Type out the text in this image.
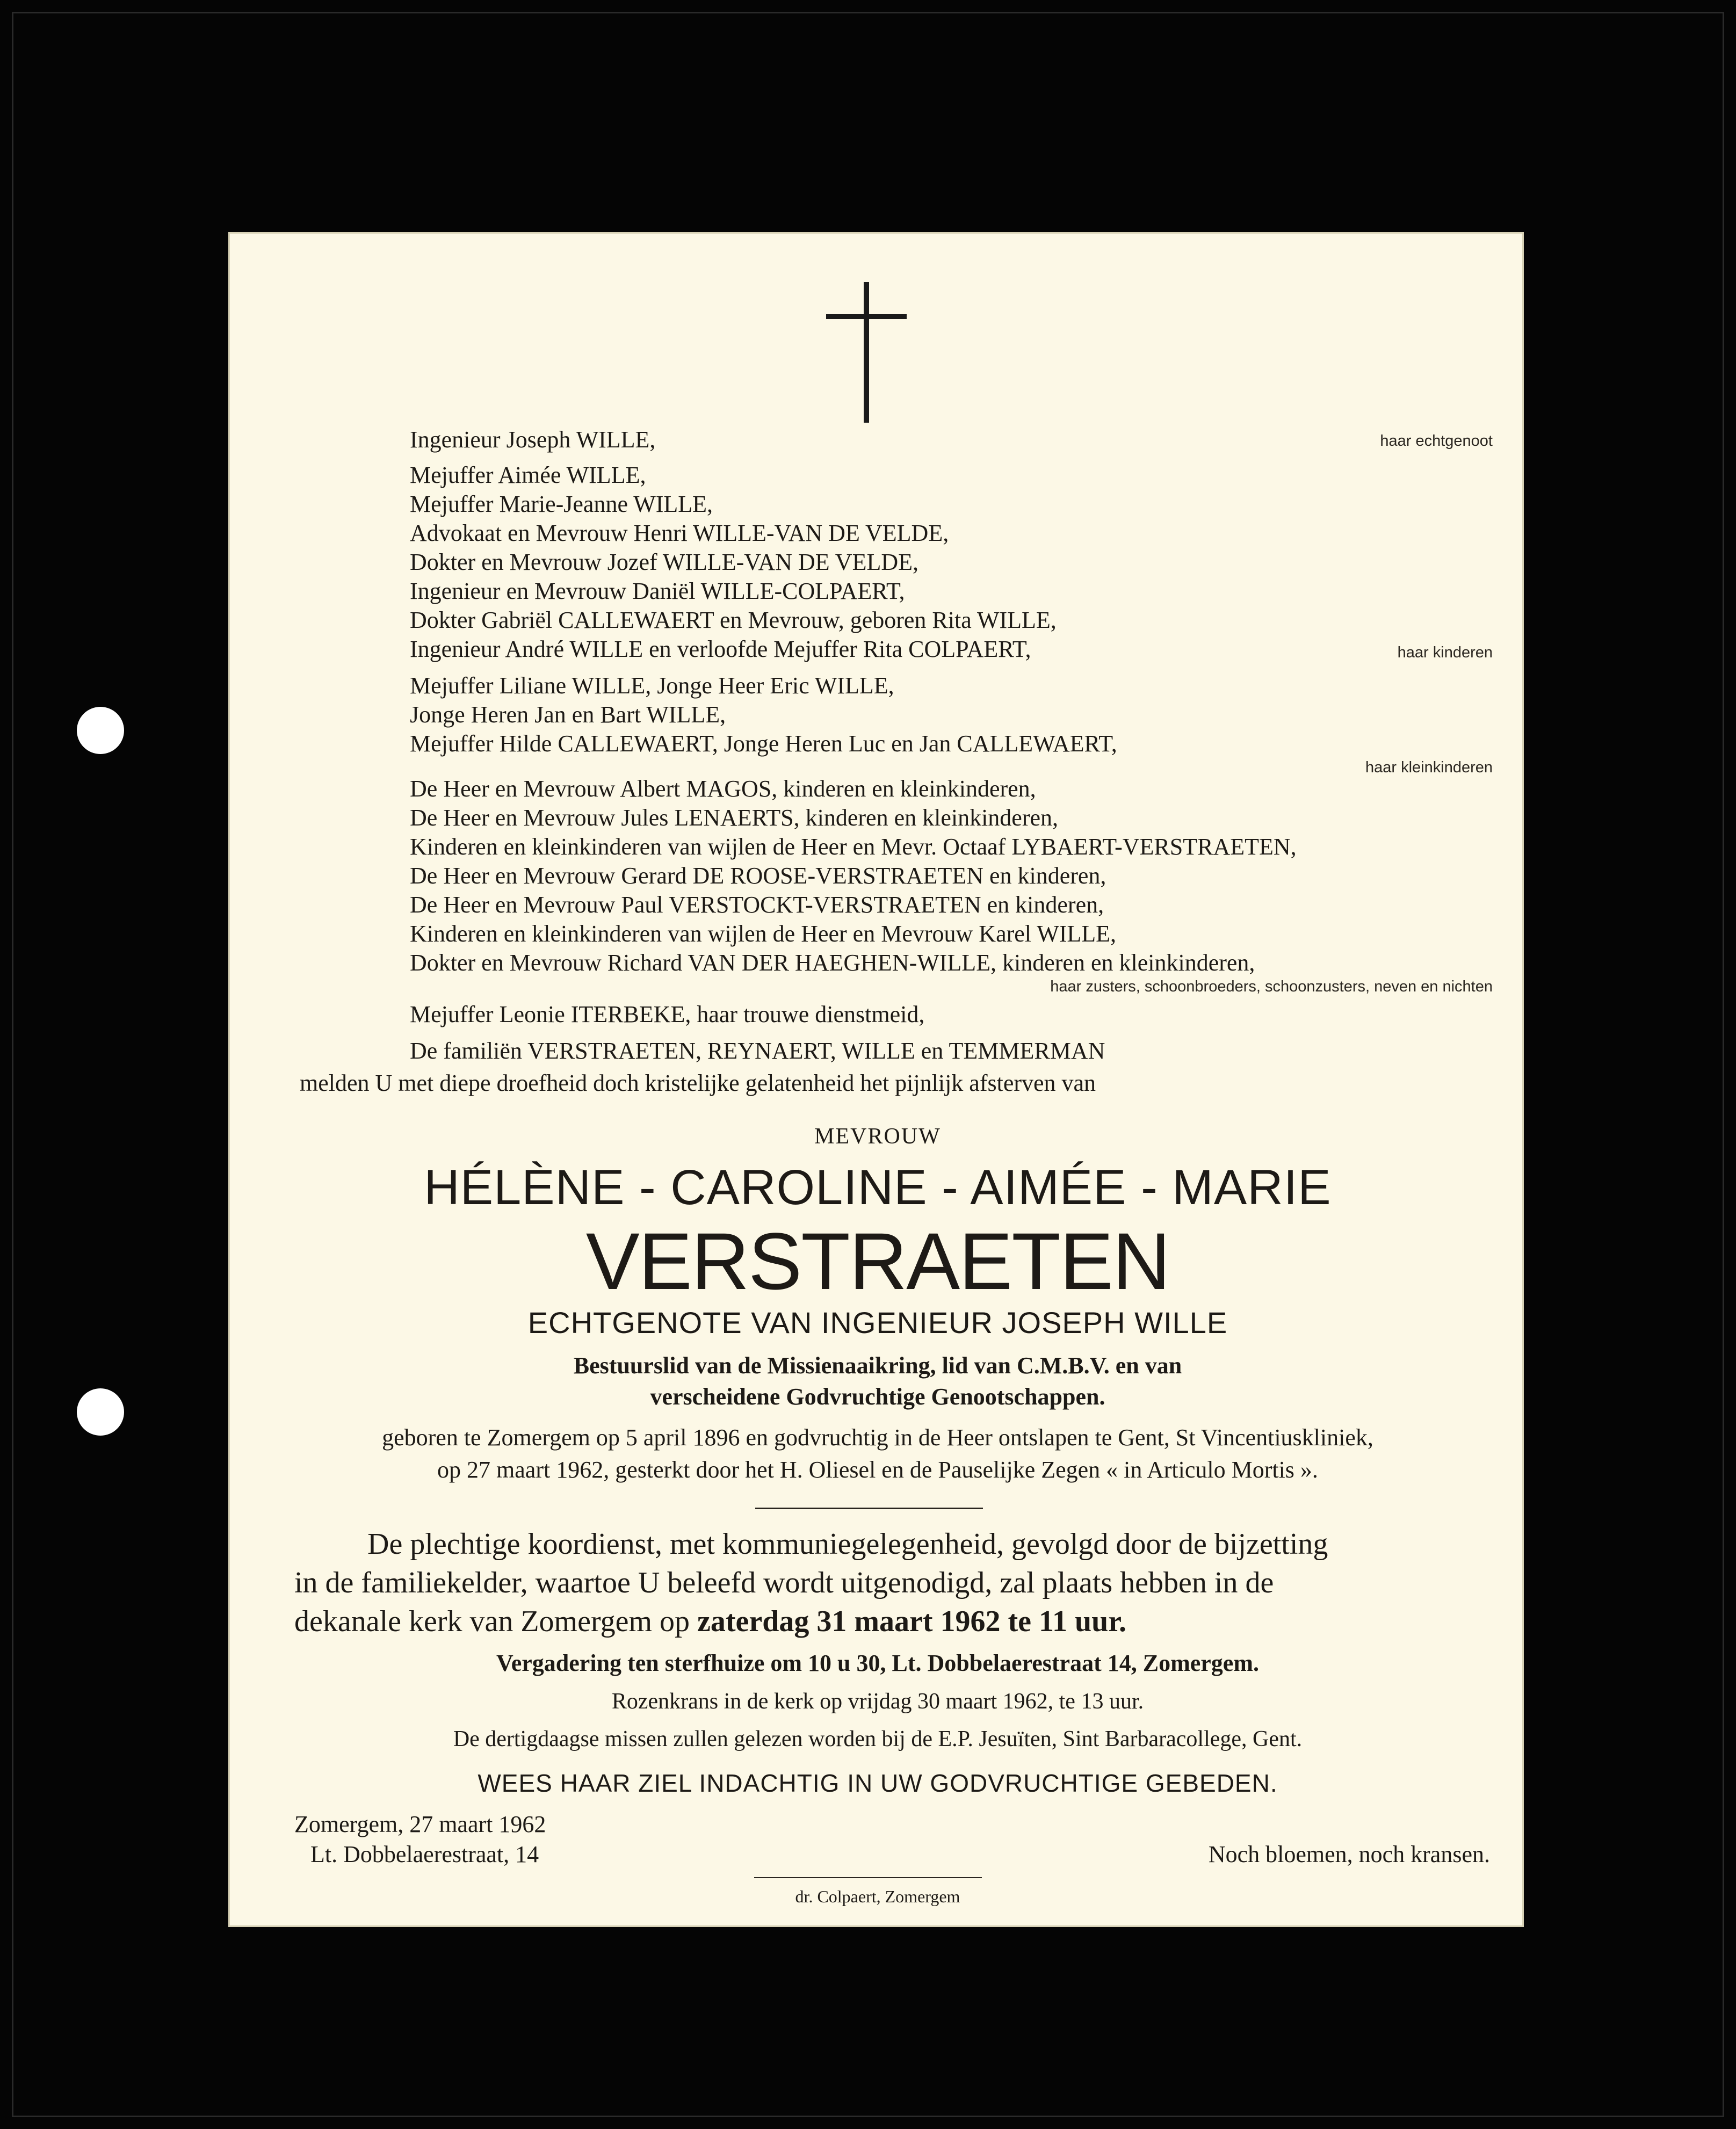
Ingenieur Joseph WILLE,	haar echtgenoot
Mejuffer Aimée WILLE,
Mejuffer Marie-Jeanne WILLE,
Advokaat en Mevrouw Henri WILLE-VAN DE VELDE,
Dokter en Mevrouw Jozef WILLE-VAN DE VELDE,
Ingenieur en Mevrouw Daniël WILLE-COLPAERT,
Dokter Gabriël CALLEWAERT en Mevrouw, geboren Rita WILLE,
Ingenieur André WILLE en verloofde Mejuffer Rita COLPAERT,	haar kinderen
Mejuffer Liliane WILLE, Jonge Heer Eric WILLE,
Jonge Heren Jan en Bart WILLE,
Mejuffer Hilde CALLEWAERT, Jonge Heren Luc en Jan CALLEWAERT,
haar kleinkinderen
De Heer en Mevrouw Albert MAGOS, kinderen en kleinkinderen,
De Heer en Mevrouw Jules LENAERTS, kinderen en kleinkinderen,
Kinderen en kleinkinderen van wijlen de Heer en Mevr. Octaaf LYBAERT-VERSTRAETEN,
De Heer en Mevrouw Gerard DE ROOSE-VERSTRAETEN en kinderen,
De Heer en Mevrouw Paul VERSTOCKT-VERSTRAETEN en kinderen,
Kinderen en kleinkinderen van wijlen de Heer en Mevrouw Karel WILLE,
Dokter en Mevrouw Richard VAN DER HAEGHEN-WILLE, kinderen en kleinkinderen,
haar zusters, schoonbroeders, schoonzusters, neven en nichten
Mejuffer Leonie ITERBEKE, haar trouwe dienstmeid,
De familiën VERSTRAETEN, REYNAERT, WILLE en TEMMERMAN
melden U met diepe droefheid doch kristelijke gelatenheid het pijnlijk afsterven van
MEVROUW
HÉLÈNE - CAROLINE - AIMÉE - MARIE
VERSTRAETEN
ECHTGENOTE VAN INGENIEUR JOSEPH WILLE
Bestuurslid van de Missienaaikring, lid van C.M.B.V. en van
verscheidene Godvruchtige Genootschappen.
geboren te Zomergem op 5 april 1896 en godvruchtig in de Heer ontslapen te Gent, St Vincentiuskliniek,
op 27 maart 1962, gesterkt door het H. Oliesel en de Pauselijke Zegen « in Articulo Mortis ».
De plechtige koordienst, met kommuniegelegenheid, gevolgd door de bijzetting
in de familiekelder, waartoe U beleefd wordt uitgenodigd, zal plaats hebben in de
dekanale kerk van Zomergem op zaterdag 31 maart 1962 te 11 uur.
Vergadering ten sterfhuize om 10 u 30, Lt. Dobbelaerestraat 14, Zomergem.
Rozenkrans in de kerk op vrijdag 30 maart 1962, te 13 uur.
De dertigdaagse missen zullen gelezen worden bij de E.P. Jesuïten, Sint Barbaracollege, Gent.
WEES HAAR ZIEL INDACHTIG IN UW GODVRUCHTIGE GEBEDEN.
Zomergem, 27 maart 1962
Lt. Dobbelaerestraat, 14	Noch bloemen, noch kransen.
dr. Colpaert, Zomergem
